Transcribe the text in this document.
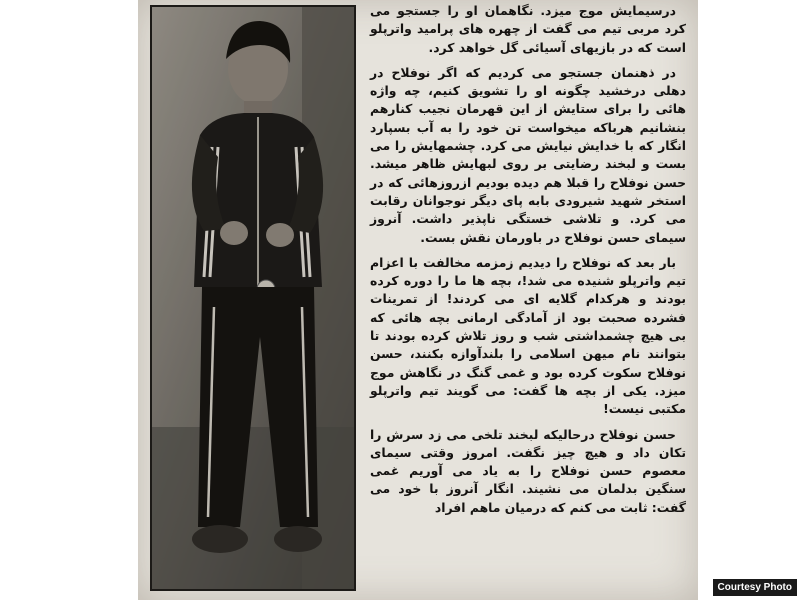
درسیمایش موج میزد. نگاهمان او را جستجو می کرد مربی تیم می گفت از چهره های پرامید واترپلو است که در بازیهای آسیائی گل خواهد کرد.

در ذهنمان جستجو می کردیم که اگر نوفلاح در دهلی درخشید چگونه او را تشویق کنیم، چه واژه هائی را برای ستایش از این قهرمان نجیب کنارهم بنشانیم هرباکه میخواست تن خود را به آب بسپارد انگار که با خدایش نیایش می کرد. چشمهایش را می بست و لبخند رضایتی بر روی لبهایش ظاهر میشد. حسن نوفلاح را قبلا هم دیده بودیم ازروزهائی که در استخر شهید شیرودی بابه پای دیگر نوجوانان رقابت می کرد. و تلاشی خستگی ناپذیر داشت. آنروز سیمای حسن نوفلاح در باورمان نقش بست.

بار بعد که نوفلاح را دیدیم زمزمه مخالفت با اعزام تیم واترپلو شنیده می شد!، بچه ها ما را دوره کرده بودند و هرکدام گلایه ای می کردند! از تمرینات فشرده صحبت بود از آمادگی ارمانی بچه هائی که بی هیچ چشمداشتی شب و روز تلاش کرده بودند تا بتوانند نام میهن اسلامی را بلندآوازه بکنند، حسن نوفلاح سکوت کرده بود و غمی گنگ در نگاهش موج میزد. یکی از بچه ها گفت: می گویند تیم واترپلو مکتبی نیست!

حسن نوفلاح درحالیکه لبخند تلخی می زد سرش را تکان داد و هیچ چیز نگفت. امروز وقتی سیمای معصوم حسن نوفلاح را به یاد می آوریم غمی سنگین بدلمان می نشیند. انگار آنروز با خود می گفت: ثابت می کنم که درمیان ماهم افراد

Courtesy Photo
